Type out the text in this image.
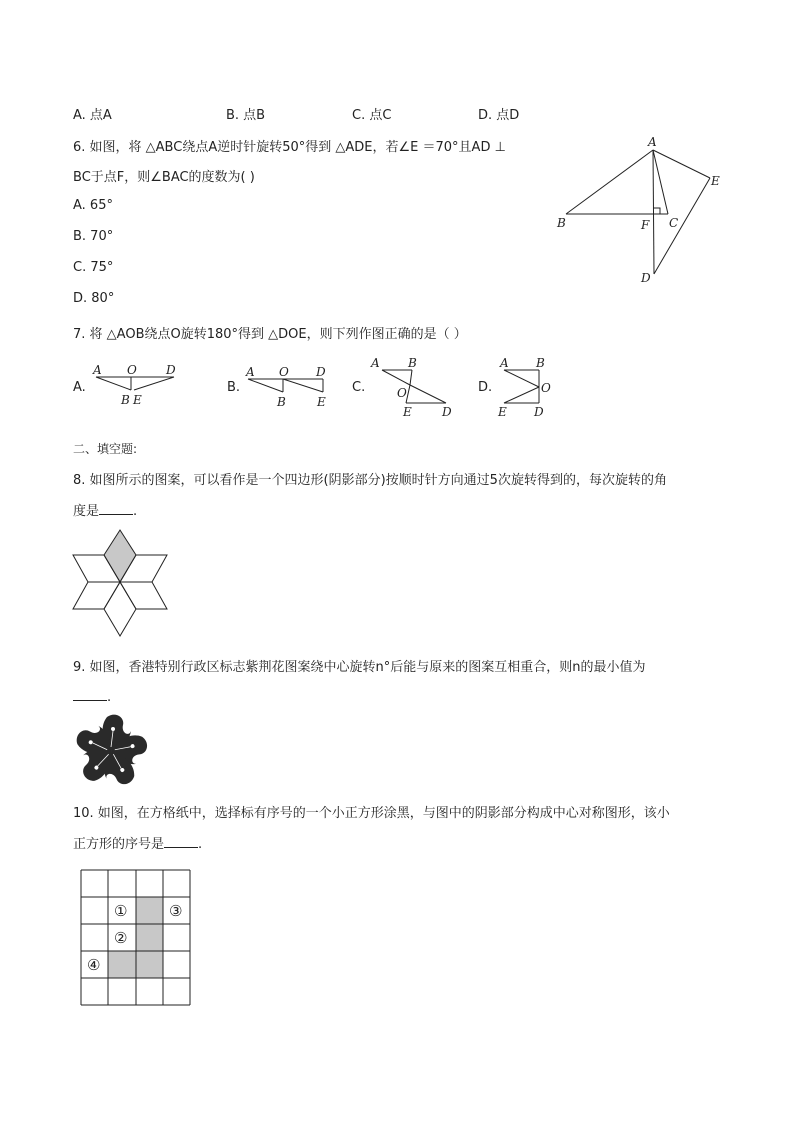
A. 点A	B. 点B	C. 点C	D. 点D
6. 如图，将 △ABC绕点A逆时针旋转50°得到 △ADE，若∠E ＝70°且AD ⊥
BC于点F，则∠BAC的度数为( )
A. 65°
B. 70°
C. 75°
D. 80°
A
B	C
F
E
D
7. 将 △AOB绕点O旋转180°得到 △DOE，则下列作图正确的是（ ）
A.
A O D
B E
B.
A O D
B	E
C.
A B
O
E	D
D.
A B
O
E D
二、填空题:
8. 如图所示的图案，可以看作是一个四边形(阴影部分)按顺时针方向通过5次旋转得到的，每次旋转的角
度是	.
9. 如图，香港特别行政区标志紫荆花图案绕中心旋转n°后能与原来的图案互相重合，则n的最小值为
.
10. 如图，在方格纸中，选择标有序号的一个小正方形涂黑，与图中的阴影部分构成中心对称图形，该小
正方形的序号是	.
①
②
③
④
